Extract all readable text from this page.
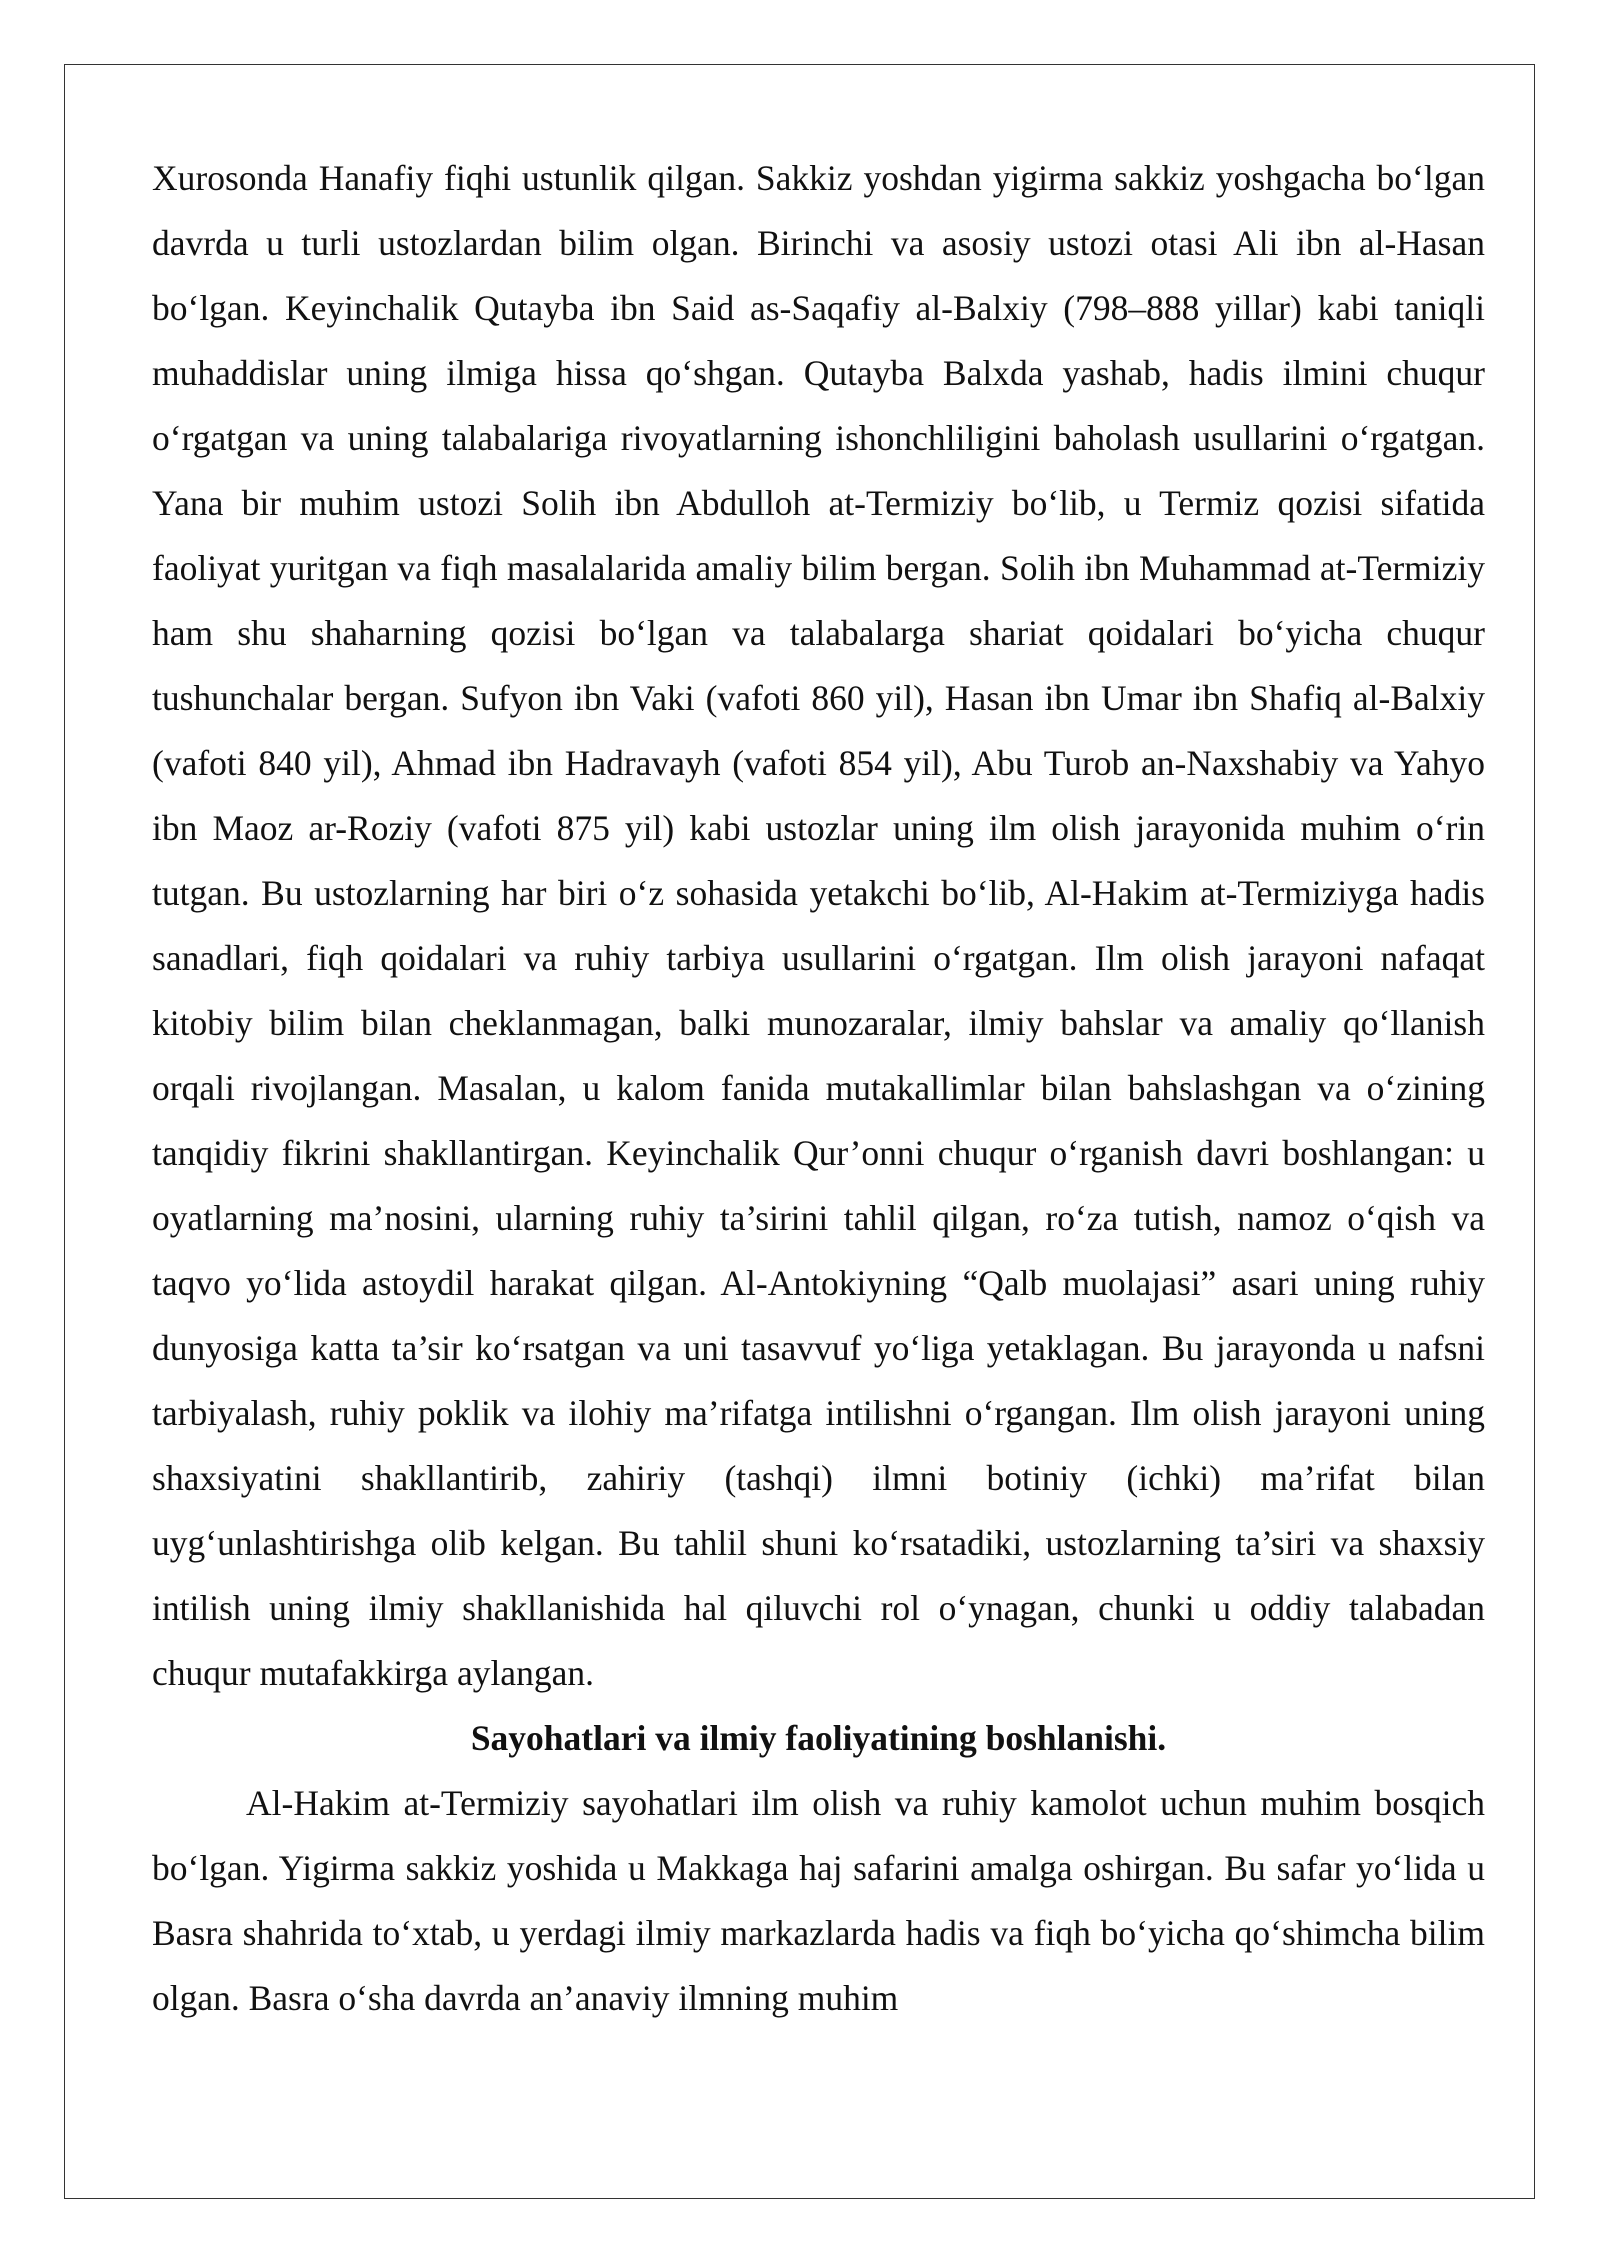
Xurosonda Hanafiy fiqhi ustunlik qilgan. Sakkiz yoshdan yigirma sakkiz yoshgacha bo‘lgan davrda u turli ustozlardan bilim olgan. Birinchi va asosiy ustozi otasi Ali ibn al-Hasan bo‘lgan. Keyinchalik Qutayba ibn Said as-Saqafiy al-Balxiy (798–888 yillar) kabi taniqli muhaddislar uning ilmiga hissa qo‘shgan. Qutayba Balxda yashab, hadis ilmini chuqur o‘rgatgan va uning talabalariga rivoyatlarning ishonchliligini baholash usullarini o‘rgatgan. Yana bir muhim ustozi Solih ibn Abdulloh at-Termiziy bo‘lib, u Termiz qozisi sifatida faoliyat yuritgan va fiqh masalalarida amaliy bilim bergan. Solih ibn Muhammad at-Termiziy ham shu shaharning qozisi bo‘lgan va talabalarga shariat qoidalari bo‘yicha chuqur tushunchalar bergan. Sufyon ibn Vaki (vafoti 860 yil), Hasan ibn Umar ibn Shafiq al-Balxiy (vafoti 840 yil), Ahmad ibn Hadravayh (vafoti 854 yil), Abu Turob an-Naxshabiy va Yahyo ibn Maoz ar-Roziy (vafoti 875 yil) kabi ustozlar uning ilm olish jarayonida muhim o‘rin tutgan. Bu ustozlarning har biri o‘z sohasida yetakchi bo‘lib, Al-Hakim at-Termiziyga hadis sanadlari, fiqh qoidalari va ruhiy tarbiya usullarini o‘rgatgan. Ilm olish jarayoni nafaqat kitobiy bilim bilan cheklanmagan, balki munozaralar, ilmiy bahslar va amaliy qo‘llanish orqali rivojlangan. Masalan, u kalom fanida mutakallimlar bilan bahslashgan va o‘zining tanqidiy fikrini shakllantirgan. Keyinchalik Qur’onni chuqur o‘rganish davri boshlangan: u oyatlarning ma’nosini, ularning ruhiy ta’sirini tahlil qilgan, ro‘za tutish, namoz o‘qish va taqvo yo‘lida astoydil harakat qilgan. Al-Antokiyning “Qalb muolajasi” asari uning ruhiy dunyosiga katta ta’sir ko‘rsatgan va uni tasavvuf yo‘liga yetaklagan. Bu jarayonda u nafsni tarbiyalash, ruhiy poklik va ilohiy ma’rifatga intilishni o‘rgangan. Ilm olish jarayoni uning shaxsiyatini shakllantirib, zahiriy (tashqi) ilmni botiniy (ichki) ma’rifat bilan uyg‘unlashtirishga olib kelgan. Bu tahlil shuni ko‘rsatadiki, ustozlarning ta’siri va shaxsiy intilish uning ilmiy shakllanishida hal qiluvchi rol o‘ynagan, chunki u oddiy talabadan chuqur mutafakkirga aylangan.

Sayohatlari va ilmiy faoliyatining boshlanishi.

Al-Hakim at-Termiziy sayohatlari ilm olish va ruhiy kamolot uchun muhim bosqich bo‘lgan. Yigirma sakkiz yoshida u Makkaga haj safarini amalga oshirgan. Bu safar yo‘lida u Basra shahrida to‘xtab, u yerdagi ilmiy markazlarda hadis va fiqh bo‘yicha qo‘shimcha bilim olgan. Basra o‘sha davrda an’anaviy ilmning muhim
